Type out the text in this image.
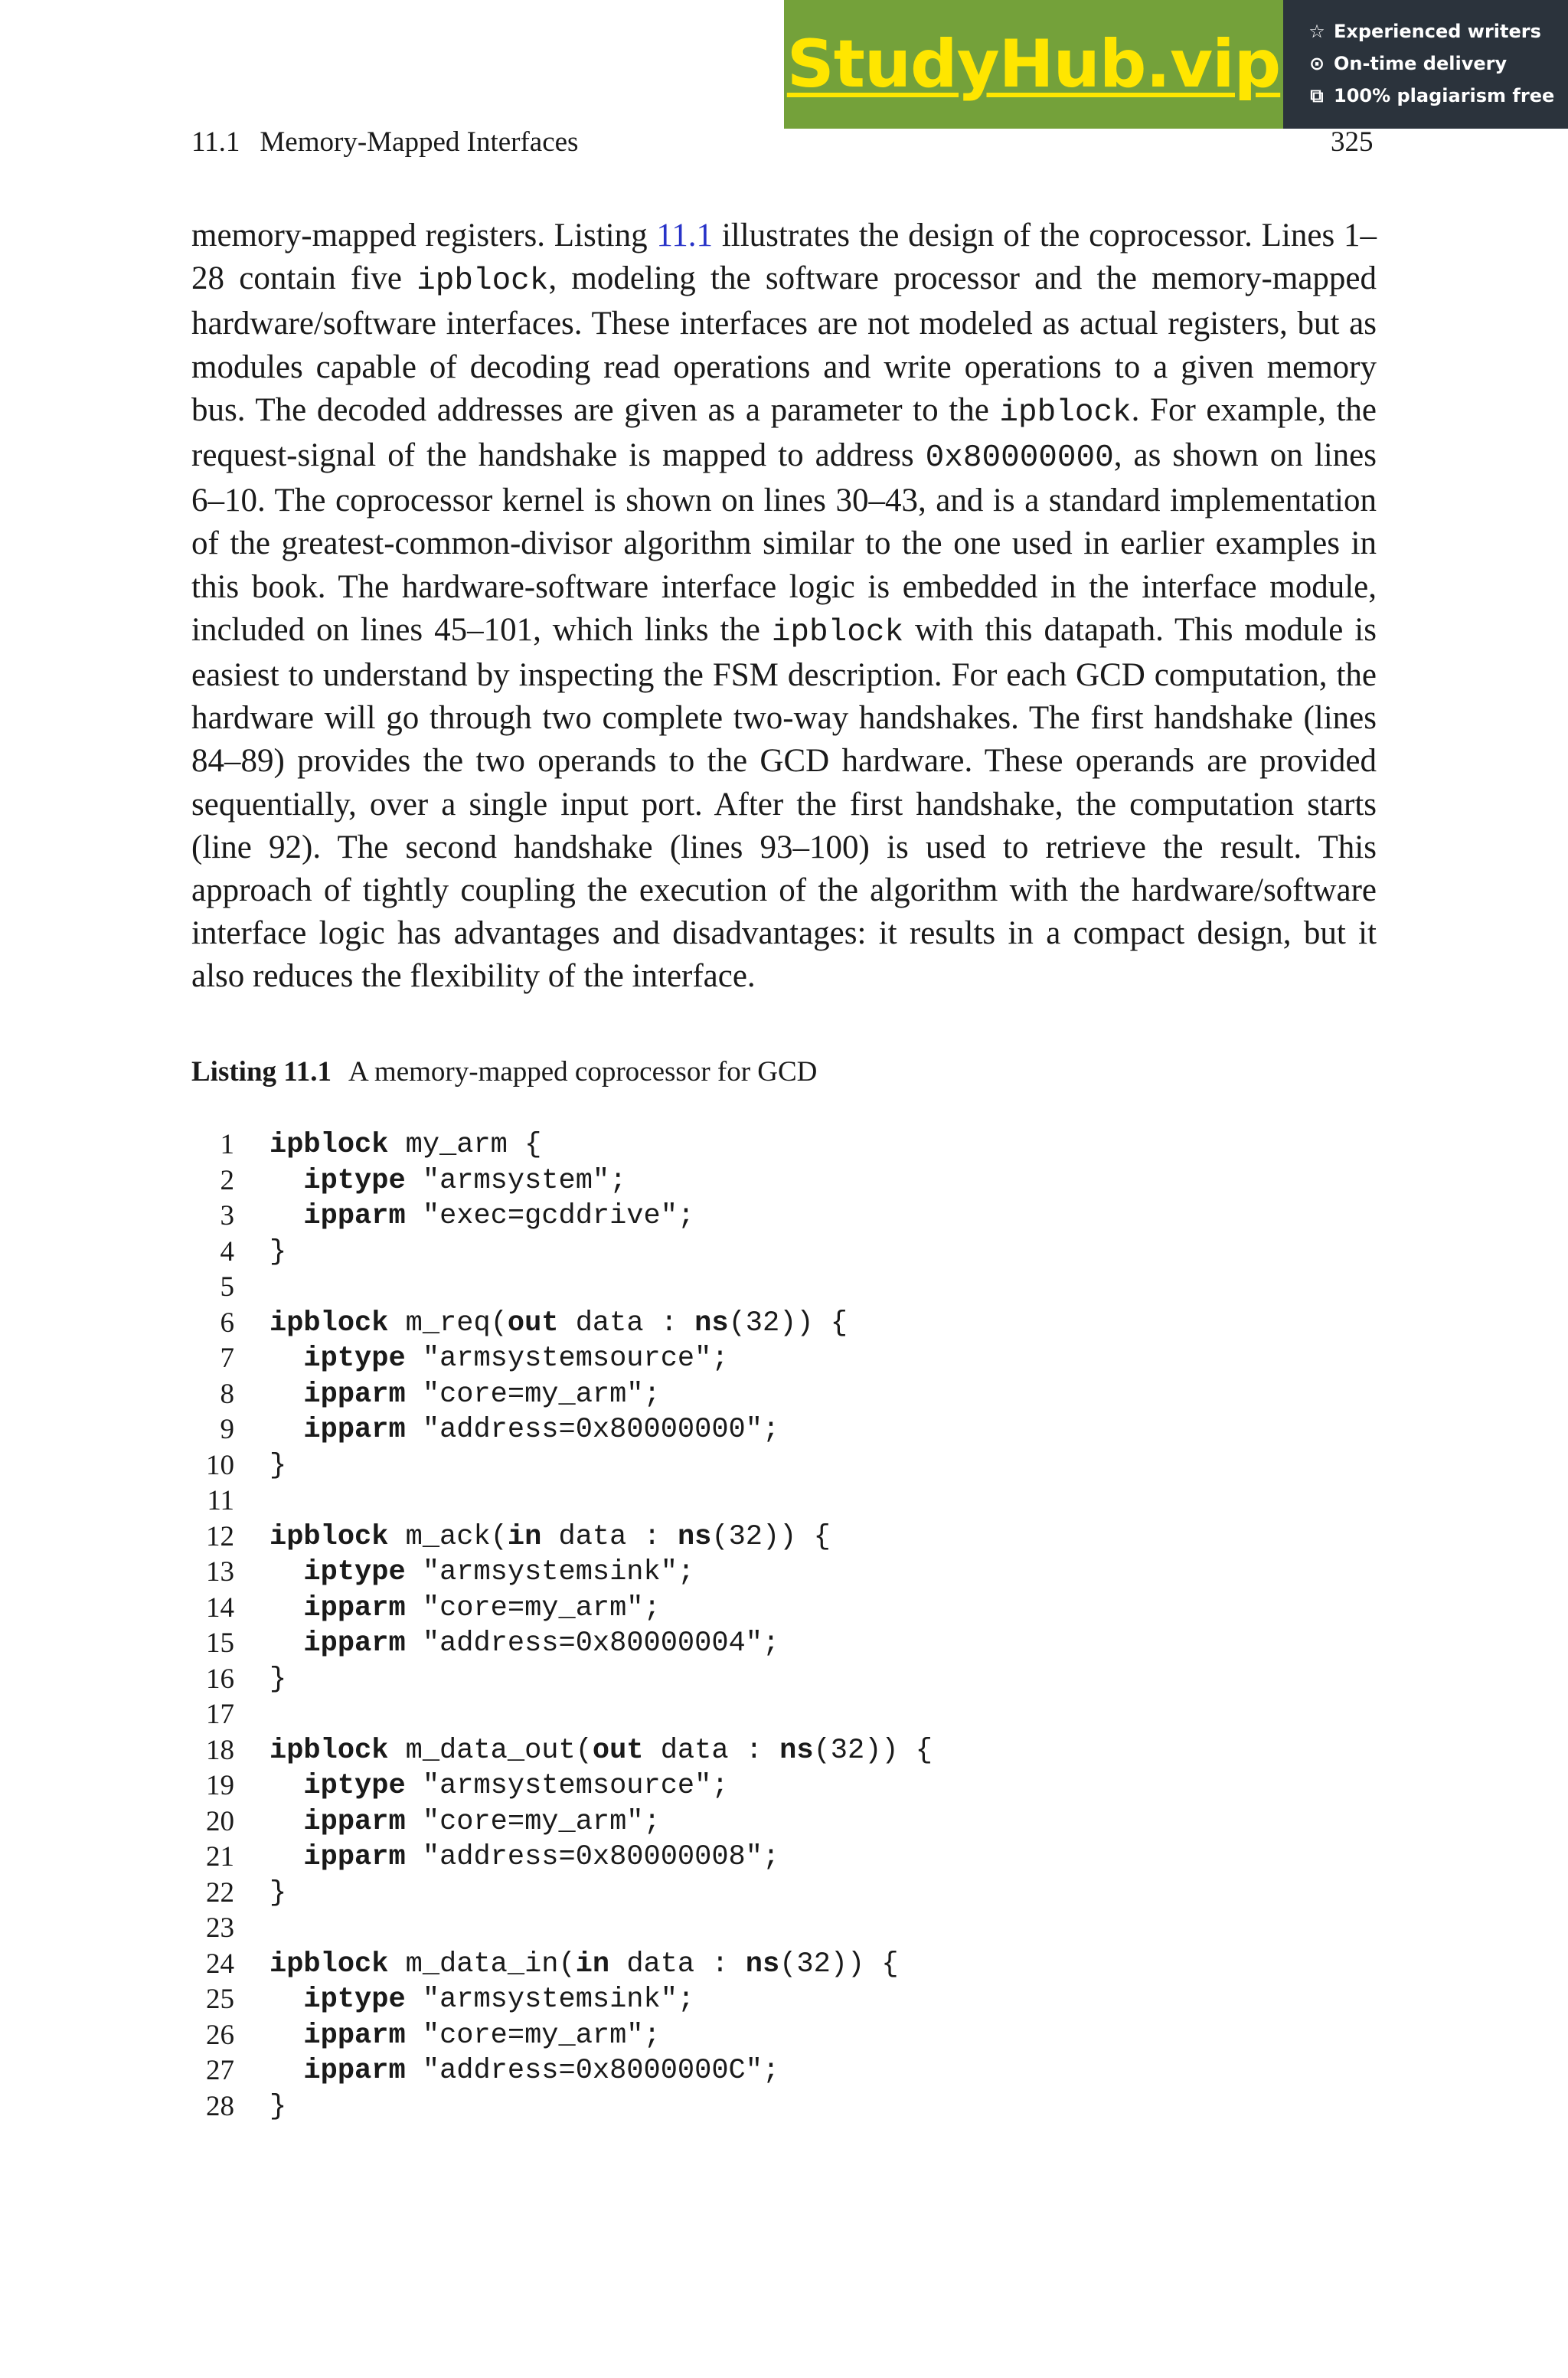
StudyHub.vip ☆ Experienced writers
⊙ On-time delivery
⧉ 100% plagiarism free
11.1 Memory-Mapped Interfaces	325
memory-mapped registers. Listing 11.1 illustrates the design of the coprocessor. Lines 1–28 contain five ipblock, modeling the software processor and the memory-mapped hardware/software interfaces. These interfaces are not modeled as actual registers, but as modules capable of decoding read operations and write operations to a given memory bus. The decoded addresses are given as a parameter to the ipblock. For example, the request-signal of the handshake is mapped to address 0x80000000, as shown on lines 6–10. The coprocessor kernel is shown on lines 30–43, and is a standard implementation of the greatest-common-divisor algorithm similar to the one used in earlier examples in this book. The hardware-software interface logic is embedded in the interface module, included on lines 45–101, which links the ipblock with this datapath. This module is easiest to understand by inspecting the FSM description. For each GCD computation, the hardware will go through two complete two-way handshakes. The first handshake (lines 84–89) provides the two operands to the GCD hardware. These operands are provided sequentially, over a single input port. After the first handshake, the computation starts (line 92). The second handshake (lines 93–100) is used to retrieve the result. This approach of tightly coupling the execution of the algorithm with the hardware/software interface logic has advantages and disadvantages: it results in a compact design, but it also reduces the flexibility of the interface.
Listing 11.1 A memory-mapped coprocessor for GCD
1 ipblock my_arm {
2	iptype "armsystem";
3	ipparm "exec=gcddrive";
4 }
5
6 ipblock m_req(out data : ns(32)) {
7	iptype "armsystemsource";
8	ipparm "core=my_arm";
9	ipparm "address=0x80000000";
10 }
11
12 ipblock m_ack(in data : ns(32)) {
13	iptype "armsystemsink";
14	ipparm "core=my_arm";
15	ipparm "address=0x80000004";
16 }
17
18 ipblock m_data_out(out data : ns(32)) {
19	iptype "armsystemsource";
20	ipparm "core=my_arm";
21	ipparm "address=0x80000008";
22 }
23
24 ipblock m_data_in(in data : ns(32)) {
25	iptype "armsystemsink";
26	ipparm "core=my_arm";
27	ipparm "address=0x8000000C";
28 }
